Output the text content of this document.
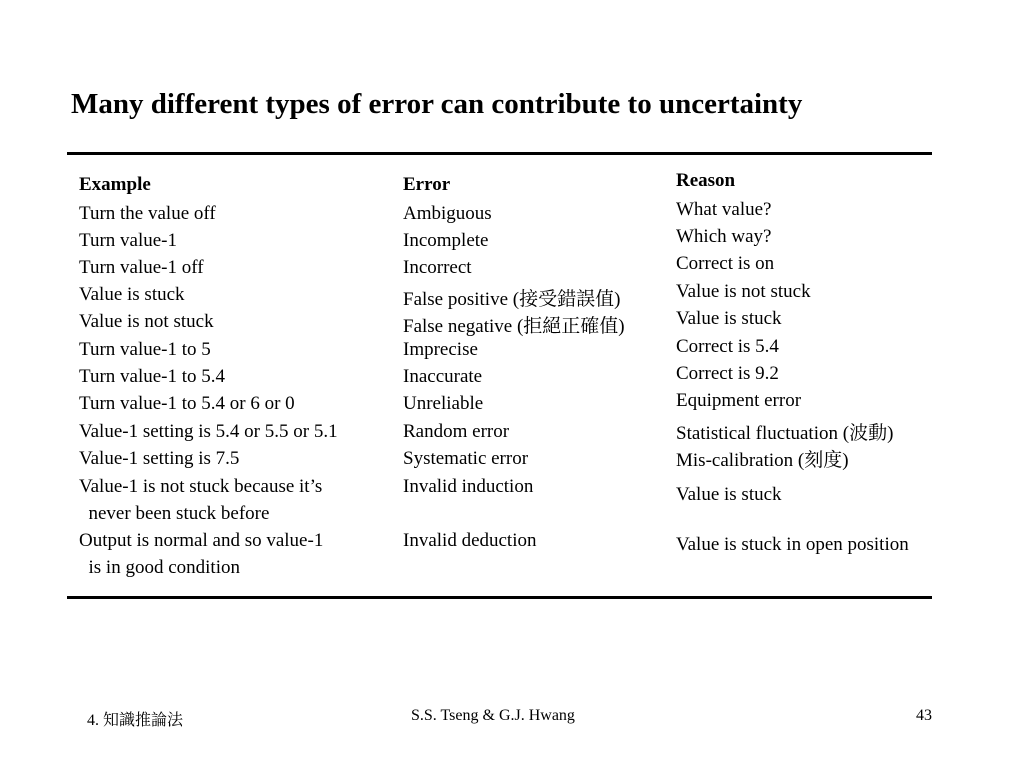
Many different types of error can contribute to uncertainty
Example
Turn the value off
Turn value-1
Turn value-1 off
Value is stuck
Value is not stuck
Turn value-1 to 5
Turn value-1 to 5.4
Turn value-1 to 5.4 or 6 or 0
Value-1 setting is 5.4 or 5.5 or 5.1
Value-1 setting is 7.5
Value-1 is not stuck because it’s
never been stuck before
Output is normal and so value-1
is in good condition
Error
Ambiguous
Incomplete
Incorrect
False positive (接受錯誤值)
False negative (拒絕正確值)
Imprecise
Inaccurate
Unreliable
Random error
Systematic error
Invalid induction
Invalid deduction
Reason
What value?
Which way?
Correct is on
Value is not stuck
Value is stuck
Correct is 5.4
Correct is 9.2
Equipment error
Statistical fluctuation (波動)
Mis-calibration (刻度)
Value is stuck
Value is stuck in open position
4. 知識推論法	S.S. Tseng & G.J. Hwang	43
